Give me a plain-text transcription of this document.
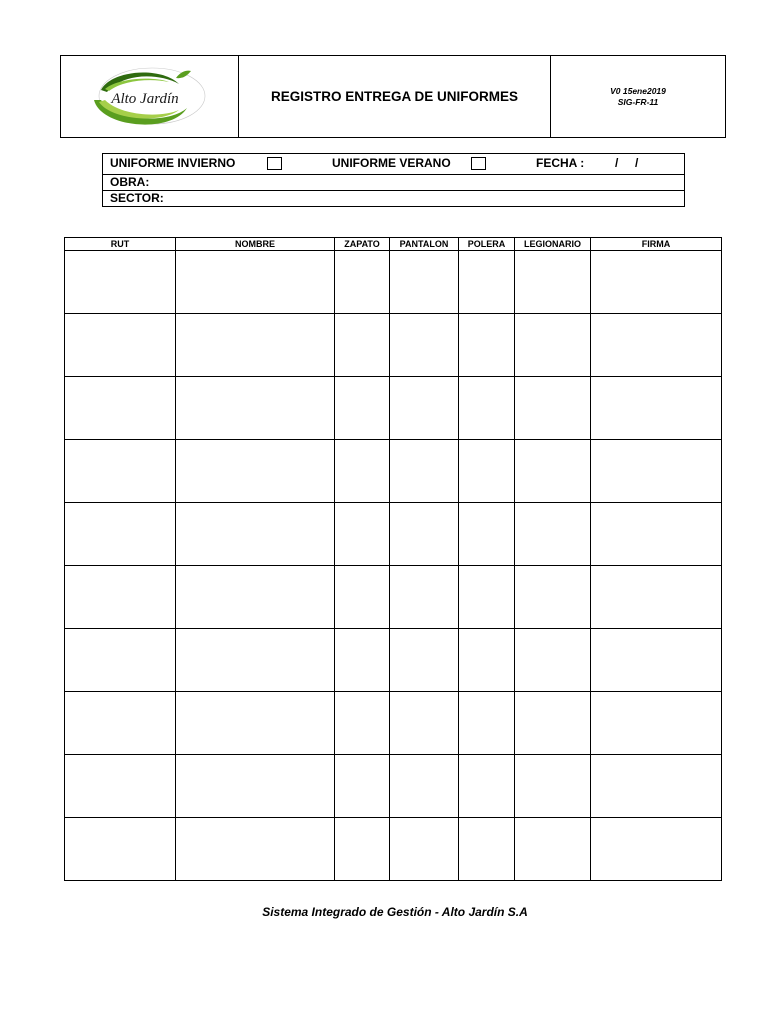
Alto Jardín	REGISTRO ENTREGA DE UNIFORMES	V0 15ene2019
SIG-FR-11
UNIFORME INVIERNO	UNIFORME VERANO	FECHA :	/     /
OBRA:
SECTOR:
RUT	NOMBRE	ZAPATO	PANTALON	POLERA	LEGIONARIO	FIRMA

Sistema Integrado de Gestión - Alto Jardín S.A
